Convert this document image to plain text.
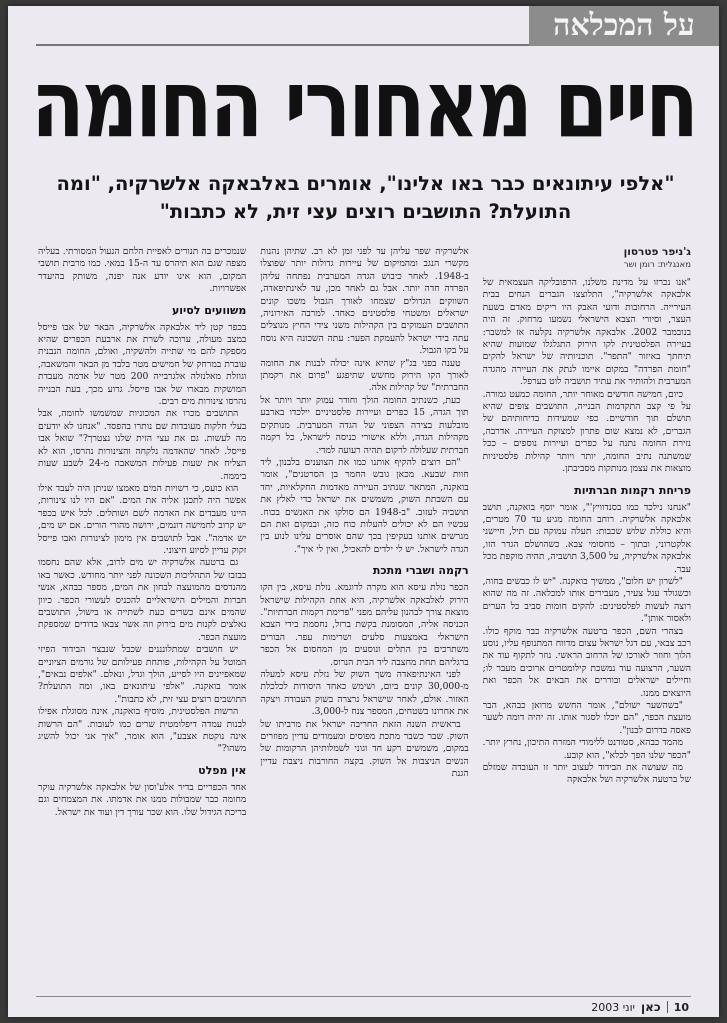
על המכלאה
חיים מאחורי החומה
"אלפי עיתונאים כבר באו אלינו", אומרים באלבאקה אלשרקיה, "ומה התועלת? התושבים רוצים עצי זית, לא כתבות"
ג'ניפר פטרסון
מאנגלית: רומן ושר

"אנו נכרזו על מדינת משלנו, הרפובליקה העצמאית של אלבאקה אלשרקיה", התלוצצו הגברים הנחים בבית העירייה. הרחובות ודועי האבק היו ריקים מאדם בשעת העצר, וסיורי הצבא הישראלי נשמעו מרחוק. זה היה בנובמבר 2002. אלבאקה אלשרקיה נקלעה אז למשבר: בעיירה הפלסטינית לקו הירוק התגלגלו שמועות שהיא תיחתך באיזור "התפר". תוכניותיה של ישראל להקים "חומת הפרדה" במקום איימו לנתק את העיירה מהגדה המערבית ולהותיר את עתיד תושביה לוט בערפל.

כיום, חמישה חודשים מאוחר יותר, החומה כמעט גמורה. על פי קצב התקדמות הבנייה, התושבים צופים שהיא תושלם תוך חודשיים. כפי שמעידות בדיחותיהם של הגברים, לא נמצא שום פתרון למצוקת העיירה. אדרבה, נזירת החומה נתנה על כפרים ועיירות נוספים – ככל שמשתנה נתיב החומה, יותר ויותר קהילות פלסטיניות מוצאות את עצמן מנותקות מסביבתן.

פריחת רקמות חברתיות

"אנחנו נילכד כמו בסנדוויץ'", אומר יוסף בואקנה, תושב אלבאקה אלשרקיה. רוחב החומה מגיע עד 70 מטרים, והיא כוללת שלוש שכבות: תעלה עמוקה עם תיל, חיישני אלקטרוני, ובתוך – מחסומי צבא. כשהושלם הגדר הזו, אלבאקה אלשרקיה, על 3,500 תושביה, תהיה מוקפת מכל עבר.

"לשרון יש חלום", ממשיך בואקנה. "יש לו כבשים בחוה, וכשגולד עגל צעיר, מעבירים אותו למכלאה. זה מה שהוא רוצה לעשות לפלסטינים: להקים חומות סביב כל הערים ולאסור אותן".

בצהרי השם, הכפר ברטעה אלשרקיה כבר מוקף כולו. רכב צבאי, עם דגל ישראל עצום מדווח המתנופף עליו, נוסע הלוך וחוזר לאורכו של הרחוב הראשי. נוזר לתקוף עוד את השער, הרצועה עוד נמשכת קילומטרים ארוכים מעבר לו; וחיילים ישראלים ובוררים את הבאים אל הכפר ואת היוצאים ממנו.

"בשהשער ישולם", אומר החשש מרואן כבהא, הבר מועצת הכפר, "הם יוכלו לסגור אותו. זה יהיה דומה לשער פאסה בדרום לבנון".

מהמד כבהא, סטודנט ללימודי המזרח התיכון, נחרץ יותר. "הכפר שלנו הפך לכלא", הוא קובע.

מה שעושה את הבידוד לעצוב יותר זו העובדה שמזלם של ברטעה אלשרקיה ושל אלבאקה

אלשרקיה שפר עליהן עד לפני זמן לא רב. שתיהן נהנות מקשרי הנגב ומהמיקום של עיירות גדולות יותר שפוצלו ב-1948. לאחר כיבוש הגדה המערבית נפתחה עליהן הפרדה חדה יותר. אבל גם לאחר מכן, עד לאינתיפאדה, השווקים הגדולים שצמחו לאורך הגבול משכו קונים ישראלים ומשטחי פלסטינים כאחד. למרבה האירוניה, התושבים העמוקים בין הקהילות משני צידי החיץ מנוצלים עתה בידי ישראל להעמקת הפער: עתה השכונה היא נוסח על בקו הגבול.

טענה בפני בג"ץ שהיא אינה יכולה לבנות את החומה לאורך הקו הירוק מחשש שתיפגע "פרום את רקמתן החברתית" של קהילות אלה.

כעת, כשנתיב החומה הולך וחודר עמוק יותר ויותר אל תוך הגדה, 15 כפרים ועיירות פלסטיניים יילכדו בארבע מובלעות בצידה הצפוני של הגדה המערבית. מנותקים מקהילות הגדה, וללא אישורי כניסה לישראל, כל רקמה חברתית שעלולה לרקום תהיה רעועה למדי.

"הם רוצים להקיף אותנו כמו את הצוענים בלבנון, ליד חוות שבעא. מכאן גובש החמר בן הסרטנים", אומר בואקנה, המתאר שנתיב העיירה מאדמות החקלאיות, יחד עם השבתת השוק, משמשים את ישראל כדי לאלץ את תושביה לעזוב. "ב-1948 הם סולקו את האנשים בכוח. עכשיו הם לא יכולים להעלות כוח כזה, ובמקום זאת הם מגרשים אותנו בעקיפין בכך שהם אוסרים עלינו לנוע בין הגדה לישראל. יש לי ילדים להאכיל, ואין לי איך".

רקמה ושברי מתכת

הכפר נזלת עיסא הוא מקרה לדוגמא. נזלת עיסא, בין הקו הירוק לאלבאקה אלשרקיה, היא אחת הקהילות שישראל מוצאת צורך לבהנון עליהם מפני "פרימת רקמות חברתיות". הכניסה אליה, המסומנת בקשת ברזל, נחסמת בידי הצבא הישראלי באמצעות סלעים ושרימות עפר. הבורים משתרכים בין התלים ונוסעים מן המחסום אל הכפר ברגליהם תחת מחצבה ליד הבית הנרוס.

לפני האינתיפאדה משך השוק של נזלת עיסא למעלה מ-30,000 קונים ביום, ושימש כאחד היסודות לכלכלת האזור. אולם, לאחר שישראל נרצרה בשוק העבודה ויצקה את אחרונו בשטחים, המספר צנח ל-3,000.

בראשית השנה הזאת החריבה ישראל את מרביתו של השוק. שבר כשבר מתכת מפוסים ומעמודים עדיין מפוזרים במקום, משמשים רקע חד וגוני לשמלותיהן הרקומות של הנשים הניצבות אל השוק. בקצה החורבות ניצבת עדיין הגנת

שנמכרים בה תנורים לאפיית הלחם הנעול המסורתי. בעליה מצפה שגם הוא תיהרס עד ה-15 במאי. כמו מרבית תושבי המקום, הוא אינו יודע אנה יפנה, משותק בהיעדר אפשרויות.

משוועים לסיוע

בכפר קטן ליד אלבאקה אלשרקיה, הבאר של אבו פייסל במצב מעולה, ערוכה לשרת את ארבעת הכפרים שהיא מספקת להם מי שתייה ולהשקיה, ואולם, החומה הנבנית עוברת במרחק של חמישים מטר בלבד מן הבאר והמשאבה, וגוזלת מאלנזלה אלגרבייה 200 מטר של אדמה מעבדת המושקית מבארו של אבו פייסל. גרוע מכך, בעת הבנייה נהרסו צינורות מים רבים.

התושבים מכרו את המכוניות שמשמשו לחומה, אבל בעלי חלקות מעובדות שם נותרו בהפסד. "אנחנו לא יודעים מה לעשות. גם את עצי הזית שלנו נצטרך?" שואל אבו פייסל. לאחר שהאדמה נלקחה והצינורות נהרסו, הוא לא הצליח את שעות פעילות המשאבה מ-24 לשבע שעות ביממה.

הוא כועס, כי רשויות המים מאמצו שניתן היה לעבד אילו אפשר היה לתכנן אליה את המים. "אם היו לנו צינורות, היינו מעבדים את האדמה לשם ושותלים. לכל איש בכפר יש קרוב לחמישה דונמים, ירושה מהורי הורים. אם יש מים, יש אדמה". אבל לתושבים אין מימון לצינורות ואבו פייסל זקוק עדיין לסיוע חיצוני.

גם ברטעה אלשרקיה יש מים לרוב, אלא שהם נחסמו בבזבז של התהליכות השכונה לפני יותר מחודש. כאשר באו מהנדסים מהמועצה לבחון את המים, מספר כבהא, אנשי חברות והמילים הישראליים להכניס לעשורי הכפר. כיוון שהמים אינם כשרים כעת לשתייה או בישול, התושבים נאלצים לקנות מים בירוק וזה אשר צבאו בדודים שמספקת מועצת הכפר.

יש חושבים שמתלונננים שכבל שנבצר הבידוד הפיזי המוטל על הקהילות, פותחת פעילותם של גורמים הציוניים שמאפיינים היו לסייע, הולך וגדל, ונאלם. "אלפים נבאים", אומר בואקנה. "אלפי עיתונאים באו, ומה התועלת? התושבים רוצים עצי זית, לא כתבות".

הרשות הפלסטינית, מוסיף בואקנה, אינה מסוגלת אפילו לבנות עמדה דיפלומטית שרים כמו לעובות. "הם הרשות אינה נוקטת אצבע", הוא אומר, "איך אני יכול להשיג משהו?"

אין מפלט

אחד הכפריים בדיר אלע'וסון של אלבאקה אלשרקיה עוקר מחומה כבר שמבולות ממנו את אדמתו. את המצמחים וגם בריכת הגידול שלו. הוא שכר עורך דין ועוד את ישראל.

10
כאן
יוני 2003
